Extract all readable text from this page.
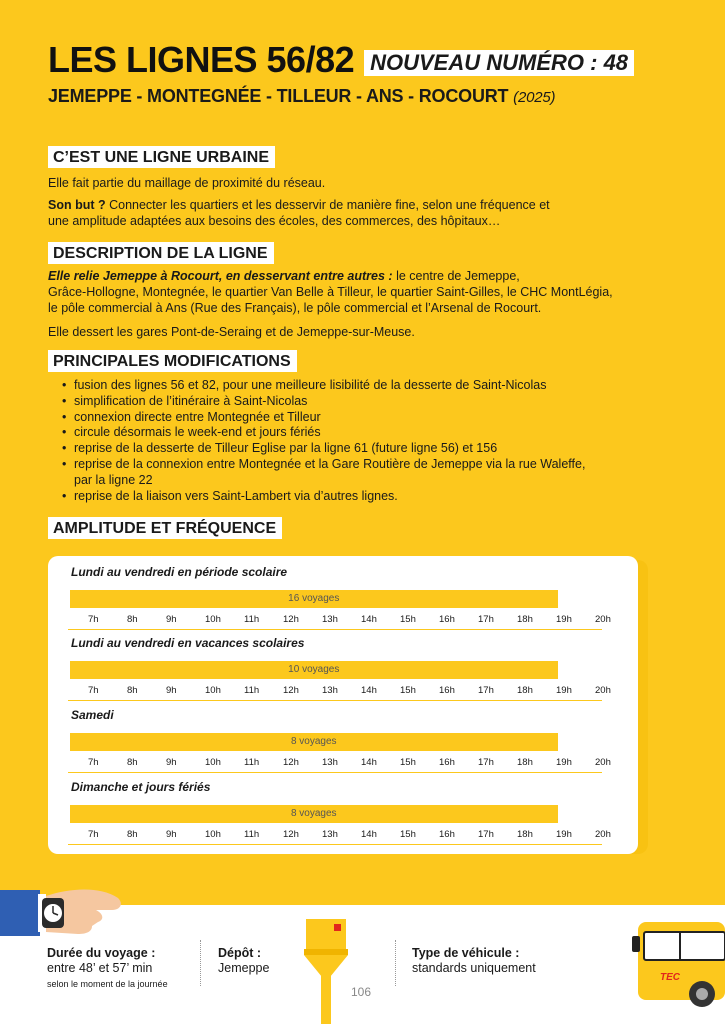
LES LIGNES 56/82 NOUVEAU NUMÉRO : 48
JEMEPPE - MONTEGNÉE - TILLEUR - ANS - ROCOURT (2025)
C’EST UNE LIGNE URBAINE
Elle fait partie du maillage de proximité du réseau.
Son but ? Connecter les quartiers et les desservir de manière fine, selon une fréquence et
une amplitude adaptées aux besoins des écoles, des commerces, des hôpitaux…
DESCRIPTION DE LA LIGNE
Elle relie Jemeppe à Rocourt, en desservant entre autres : le centre de Jemeppe,
Grâce-Hollogne, Montegnée, le quartier Van Belle à Tilleur, le quartier Saint-Gilles, le CHC MontLégia,
le pôle commercial à Ans (Rue des Français), le pôle commercial et l’Arsenal de Rocourt.
Elle dessert les gares Pont-de-Seraing et de Jemeppe-sur-Meuse.
PRINCIPALES MODIFICATIONS
• fusion des lignes 56 et 82, pour une meilleure lisibilité de la desserte de Saint-Nicolas
• simplification de l’itinéraire à Saint-Nicolas
• connexion directe entre Montegnée et Tilleur
• circule désormais le week-end et jours fériés
• reprise de la desserte de Tilleur Eglise par la ligne 61 (future ligne 56) et 156
• reprise de la connexion entre Montegnée et la Gare Routière de Jemeppe via la rue Waleffe,
par la ligne 22
• reprise de la liaison vers Saint-Lambert via d’autres lignes.
AMPLITUDE ET FRÉQUENCE
Lundi au vendredi en période scolaire
16 voyages
7h	8h	9h	10h 11h	12h 13h 14h 15h 16h 17h 18h 19h 20h
Lundi au vendredi en vacances scolaires
10 voyages
7h	8h	9h	10h 11h	12h 13h 14h 15h 16h 17h 18h 19h 20h
Samedi
8 voyages
7h	8h	9h	10h 11h	12h 13h 14h 15h 16h 17h 18h 19h 20h
Dimanche et jours fériés
8 voyages
7h	8h	9h	10h 11h	12h 13h 14h 15h 16h 17h 18h 19h 20h
TEC
Durée du voyage :
entre 48’ et 57’ min
selon le moment de la journée
Dépôt :
Jemeppe
Type de véhicule :
standards uniquement
106
